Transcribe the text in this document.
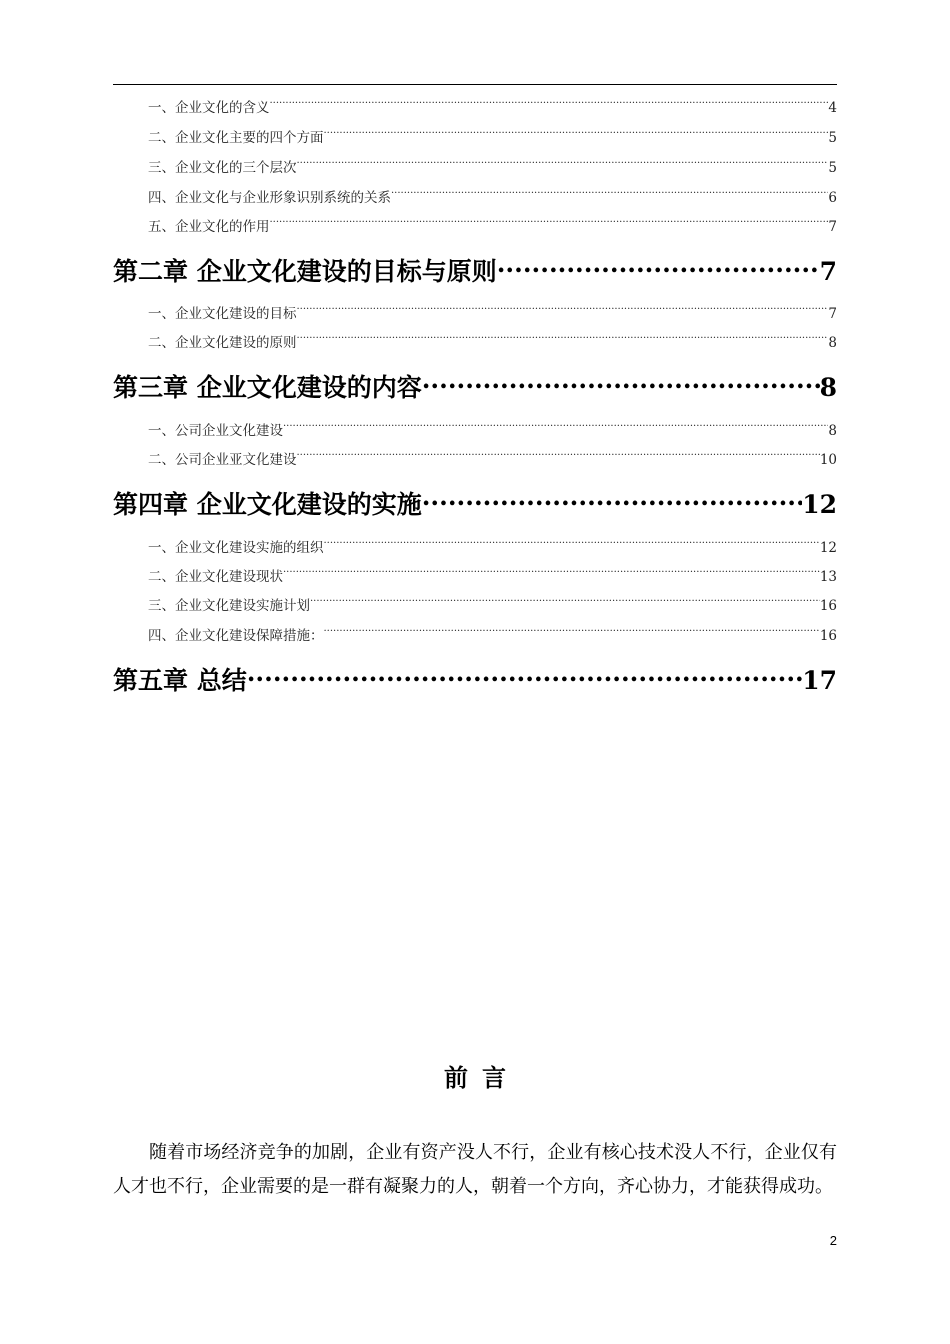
一、企业文化的含义 .....	4
二、企业文化主要的四个方面 .....	5
三、企业文化的三个层次 .....	5
四、企业文化与企业形象识别系统的关系 .....	6
五、企业文化的作用 .....	7
第二章 企业文化建设的目标与原则 .....	7
一、企业文化建设的目标 .....	7
二、企业文化建设的原则 .....	8
第三章 企业文化建设的内容 .....	8
一、公司企业文化建设 .....	8
二、公司企业亚文化建设 .....	10
第四章 企业文化建设的实施 .....	12
一、企业文化建设实施的组织 .....	12
二、企业文化建设现状 .....	13
三、企业文化建设实施计划 .....	16
四、企业文化建设保障措施： .....	16
第五章 总结 .....	17
前言
随着市场经济竞争的加剧，企业有资产没人不行，企业有核心技术没人不行，企业仅有人才也不行，企业需要的是一群有凝聚力的人，朝着一个方向，齐心协力，才能获得成功。
2
